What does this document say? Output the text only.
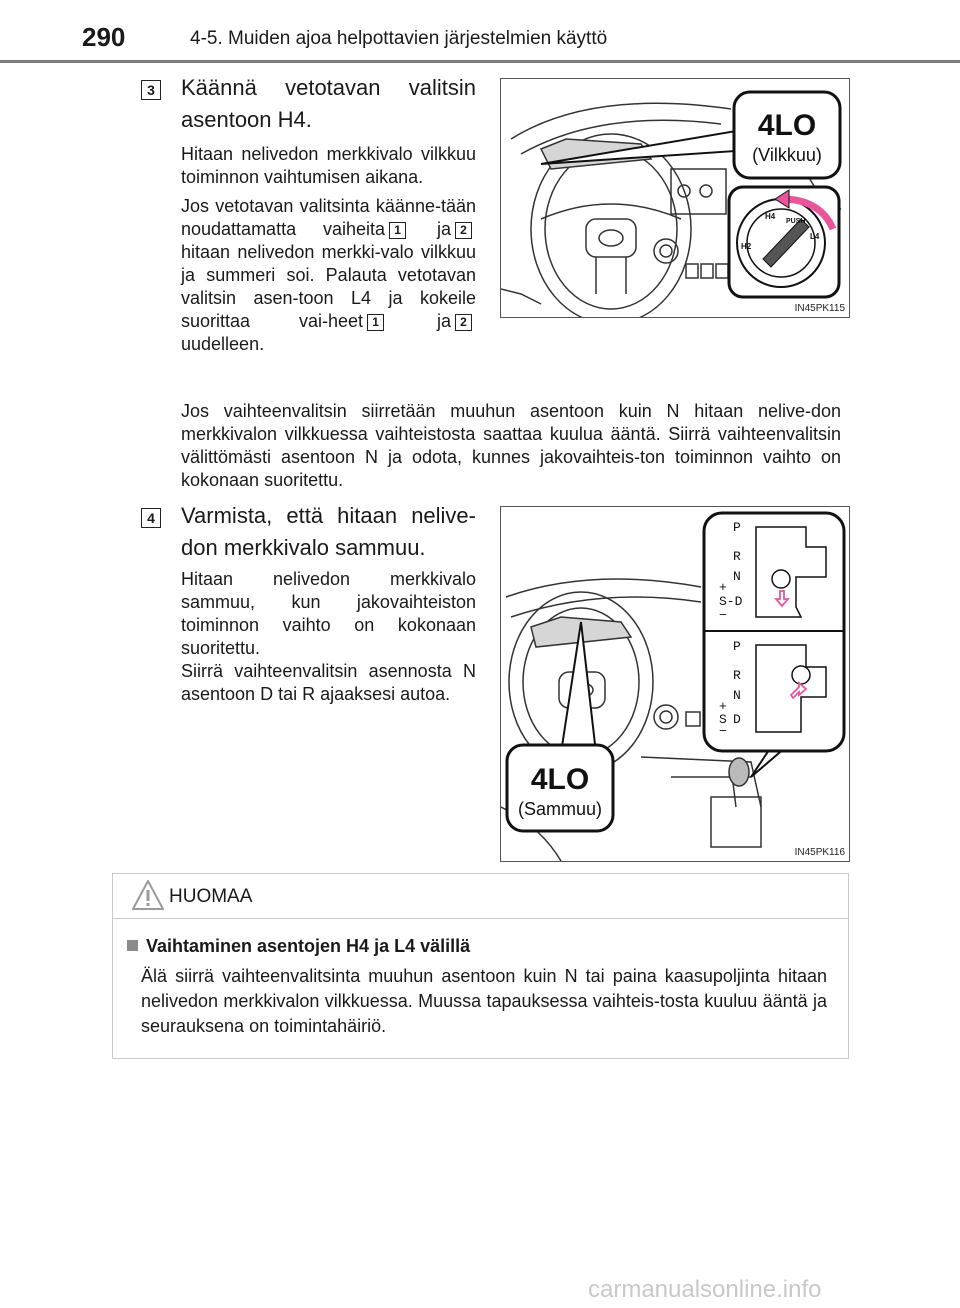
290	4-5. Muiden ajoa helpottavien järjestelmien käyttö
3 Käännä vetotavan valitsin asentoon H4.

Hitaan nelivedon merkkivalo vilkkuu toiminnon vaihtumisen aikana.

Jos vetotavan valitsinta käänne-tään noudattamatta vaiheita 1 ja 2 hitaan nelivedon merkki-valo vilkkuu ja summeri soi. Palauta vetotavan valitsin asen-toon L4 ja kokeile suorittaa vai-heet 1	ja 2 uudelleen.

4LO
(Vilkkuu)
H4
L4
H2
PUSH
IN45PK115
Jos vaihteenvalitsin siirretään muuhun asentoon kuin N hitaan nelive-don merkkivalon vilkkuessa vaihteistosta saattaa kuulua ääntä. Siirrä vaihteenvalitsin välittömästi asentoon N ja odota, kunnes jakovaihteis-ton toiminnon vaihto on kokonaan suoritettu.
4 Varmista, että hitaan nelive-don merkkivalo sammuu.

Hitaan nelivedon merkkivalo sammuu, kun jakovaihteiston toiminnon vaihto on kokonaan suoritettu.

Siirrä vaihteenvalitsin asennosta N asentoon D tai R ajaaksesi autoa.

4LO
(Sammuu)
P
R
N
+
S-D
−
P
R
N
+
S D
−
IN45PK116
HUOMAA
Vaihtaminen asentojen H4 ja L4 välillä
Älä siirrä vaihteenvalitsinta muuhun asentoon kuin N tai paina kaasupoljinta hitaan nelivedon merkkivalon vilkkuessa. Muussa tapauksessa vaihteis-tosta kuuluu ääntä ja seurauksena on toimintahäiriö.
carmanualsonline.info
